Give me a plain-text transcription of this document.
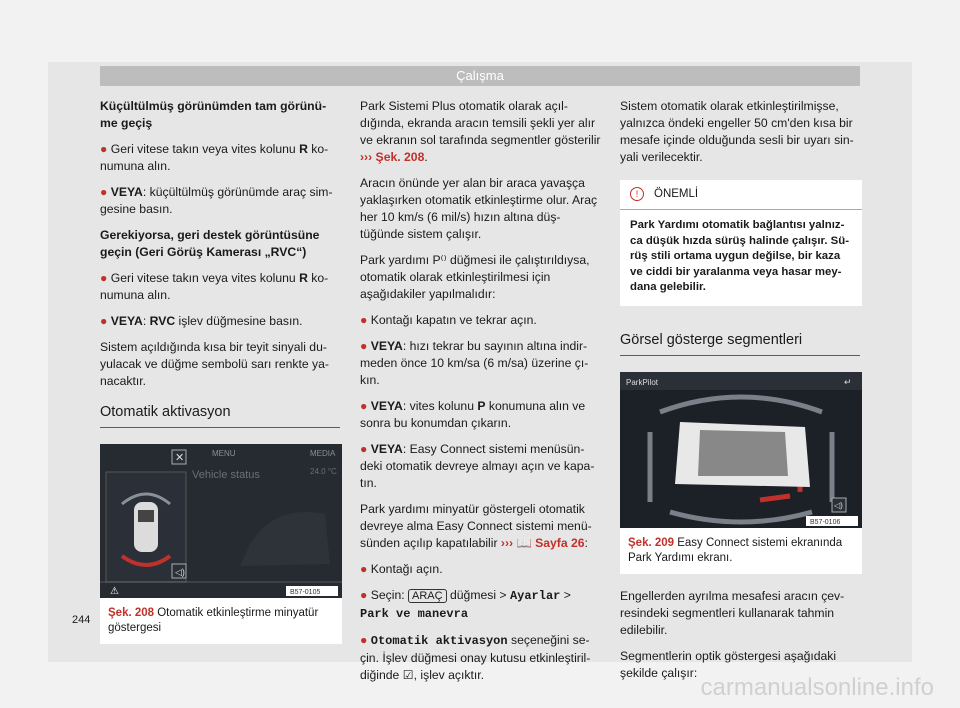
Çalışma

Küçültülmüş görünümden tam görünü-me geçiş

● Geri vitese takın veya vites kolunu R ko-numuna alın.

● VEYA: küçültülmüş görünümde araç sim-gesine basın.

Gerekiyorsa, geri destek görüntüsüne geçin (Geri Görüş Kamerası „RVC“)

● Geri vitese takın veya vites kolunu R ko-numuna alın.

● VEYA: RVC işlev düğmesine basın.

Sistem açıldığında kısa bir teyit sinyali du-yulacak ve düğme sembolü sarı renkte ya-nacaktır.

Otomatik aktivasyon
MENU	MEDIA
Vehicle status	24.0 °C
✕
◁)
⚠	B57-0105
Şek. 208 Otomatik etkinleştirme minyatür göstergesi

Park Sistemi Plus otomatik olarak açıl-dığında, ekranda aracın temsili şekli yer alır ve ekranın sol tarafında segmentler gösterilir ››› Şek. 208.

Aracın önünde yer alan bir araca yavaşça yaklaşırken otomatik etkinleştirme olur. Araç her 10 km/s (6 mil/s) hızın altına düş-tüğünde sistem çalışır.

Park yardımı P⁽⁾ düğmesi ile çalıştırıldıysa, otomatik olarak etkinleştirilmesi için aşağıdakiler yapılmalıdır:

● Kontağı kapatın ve tekrar açın.

● VEYA: hızı tekrar bu sayının altına indir-meden önce 10 km/sa (6 m/sa) üzerine çı-kın.

● VEYA: vites kolunu P konumuna alın ve sonra bu konumdan çıkarın.

● VEYA: Easy Connect sistemi menüsün-deki otomatik devreye almayı açın ve kapa-tın.

Park yardımı minyatür göstergeli otomatik devreye alma Easy Connect sistemi menü-sünden açılıp kapatılabilir ››› 📖 Sayfa 26:

● Kontağı açın.

● Seçin: ARAÇ düğmesi > Ayarlar > Park ve manevra

● Otomatik aktivasyon seçeneğini se-çin. İşlev düğmesi onay kutusu etkinleştiril-diğinde ☑, işlev açıktır.

Sistem otomatik olarak etkinleştirilmişse, yalnızca öndeki engeller 50 cm'den kısa bir mesafe içinde olduğunda sesli bir uyarı sin-yali verilecektir.

! ÖNEMLİ
Park Yardımı otomatik bağlantısı yalnız-ca düşük hızda sürüş halinde çalışır. Sü-rüş stili ortama uygun değilse, bir kaza ve ciddi bir yaralanma veya hasar mey-dana gelebilir.
Görsel gösterge segmentleri
ParkPilot	↵
◁)
B57-0106
Şek. 209 Easy Connect sistemi ekranında Park Yardımı ekranı.

Engellerden ayrılma mesafesi aracın çev-resindeki segmentleri kullanarak tahmin edilebilir.

Segmentlerin optik göstergesi aşağıdaki şekilde çalışır:

244
carmanualsonline.info
